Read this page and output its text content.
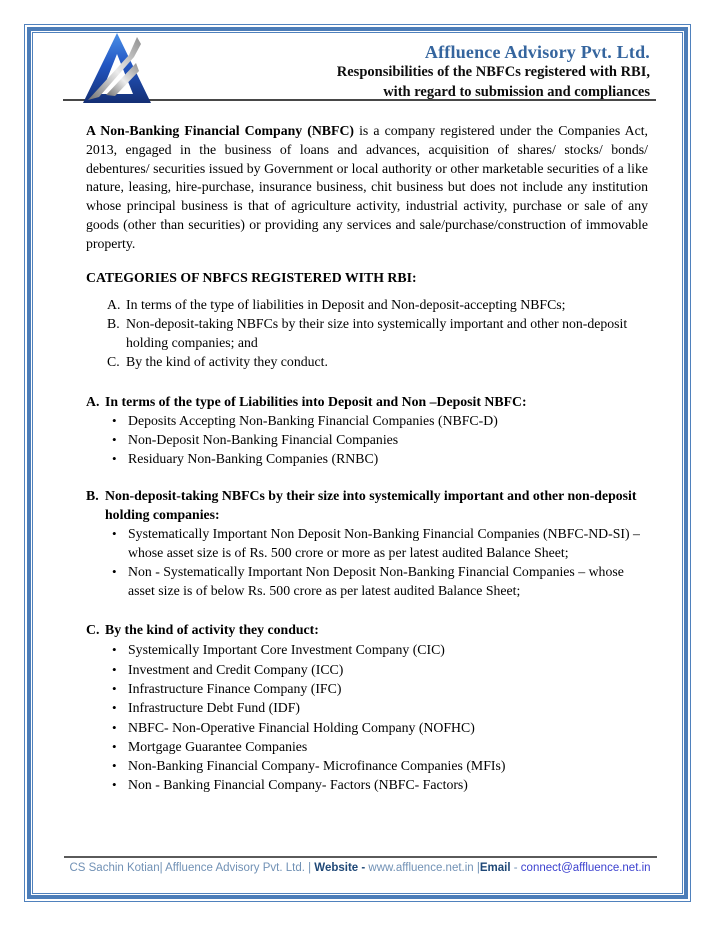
Affluence Advisory Pvt. Ltd.
Responsibilities of the NBFCs registered with RBI,
with regard to submission and compliances

A Non-Banking Financial Company (NBFC) is a company registered under the Companies Act, 2013, engaged in the business of loans and advances, acquisition of shares/ stocks/ bonds/ debentures/ securities issued by Government or local authority or other marketable securities of a like nature, leasing, hire-purchase, insurance business, chit business but does not include any institution whose principal business is that of agriculture activity, industrial activity, purchase or sale of any goods (other than securities) or providing any services and sale/purchase/construction of immovable property.

CATEGORIES OF NBFCS REGISTERED WITH RBI:
A. In terms of the type of liabilities in Deposit and Non-deposit-accepting NBFCs;
B. Non-deposit-taking NBFCs by their size into systemically important and other non-deposit holding companies; and
C. By the kind of activity they conduct.
A. In terms of the type of Liabilities into Deposit and Non –Deposit NBFC:
• Deposits Accepting Non-Banking Financial Companies (NBFC-D)
• Non-Deposit Non-Banking Financial Companies
• Residuary Non-Banking Companies (RNBC)
B. Non-deposit-taking NBFCs by their size into systemically important and other non-deposit holding companies:
• Systematically Important Non Deposit Non-Banking Financial Companies (NBFC-ND-SI) – whose asset size is of Rs. 500 crore or more as per latest audited Balance Sheet;
• Non - Systematically Important Non Deposit Non-Banking Financial Companies – whose asset size is of below Rs. 500 crore as per latest audited Balance Sheet;
C. By the kind of activity they conduct:
• Systemically Important Core Investment Company (CIC)
• Investment and Credit Company (ICC)
• Infrastructure Finance Company (IFC)
• Infrastructure Debt Fund (IDF)
• NBFC- Non-Operative Financial Holding Company (NOFHC)
• Mortgage Guarantee Companies
• Non-Banking Financial Company- Microfinance Companies (MFIs)
• Non - Banking Financial Company- Factors (NBFC- Factors)
CS Sachin Kotian| Affluence Advisory Pvt. Ltd. | Website - www.affluence.net.in |Email - connect@affluence.net.in
